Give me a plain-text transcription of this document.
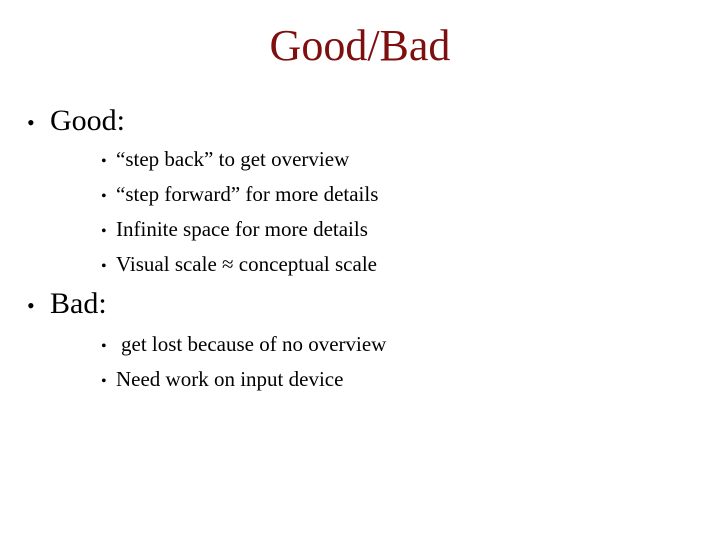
Good/Bad
• Good:
• “step back” to get overview
• “step forward” for more details
• Infinite space for more details
• Visual scale ≈ conceptual scale
• Bad:
• get lost because of no overview
• Need work on input device
